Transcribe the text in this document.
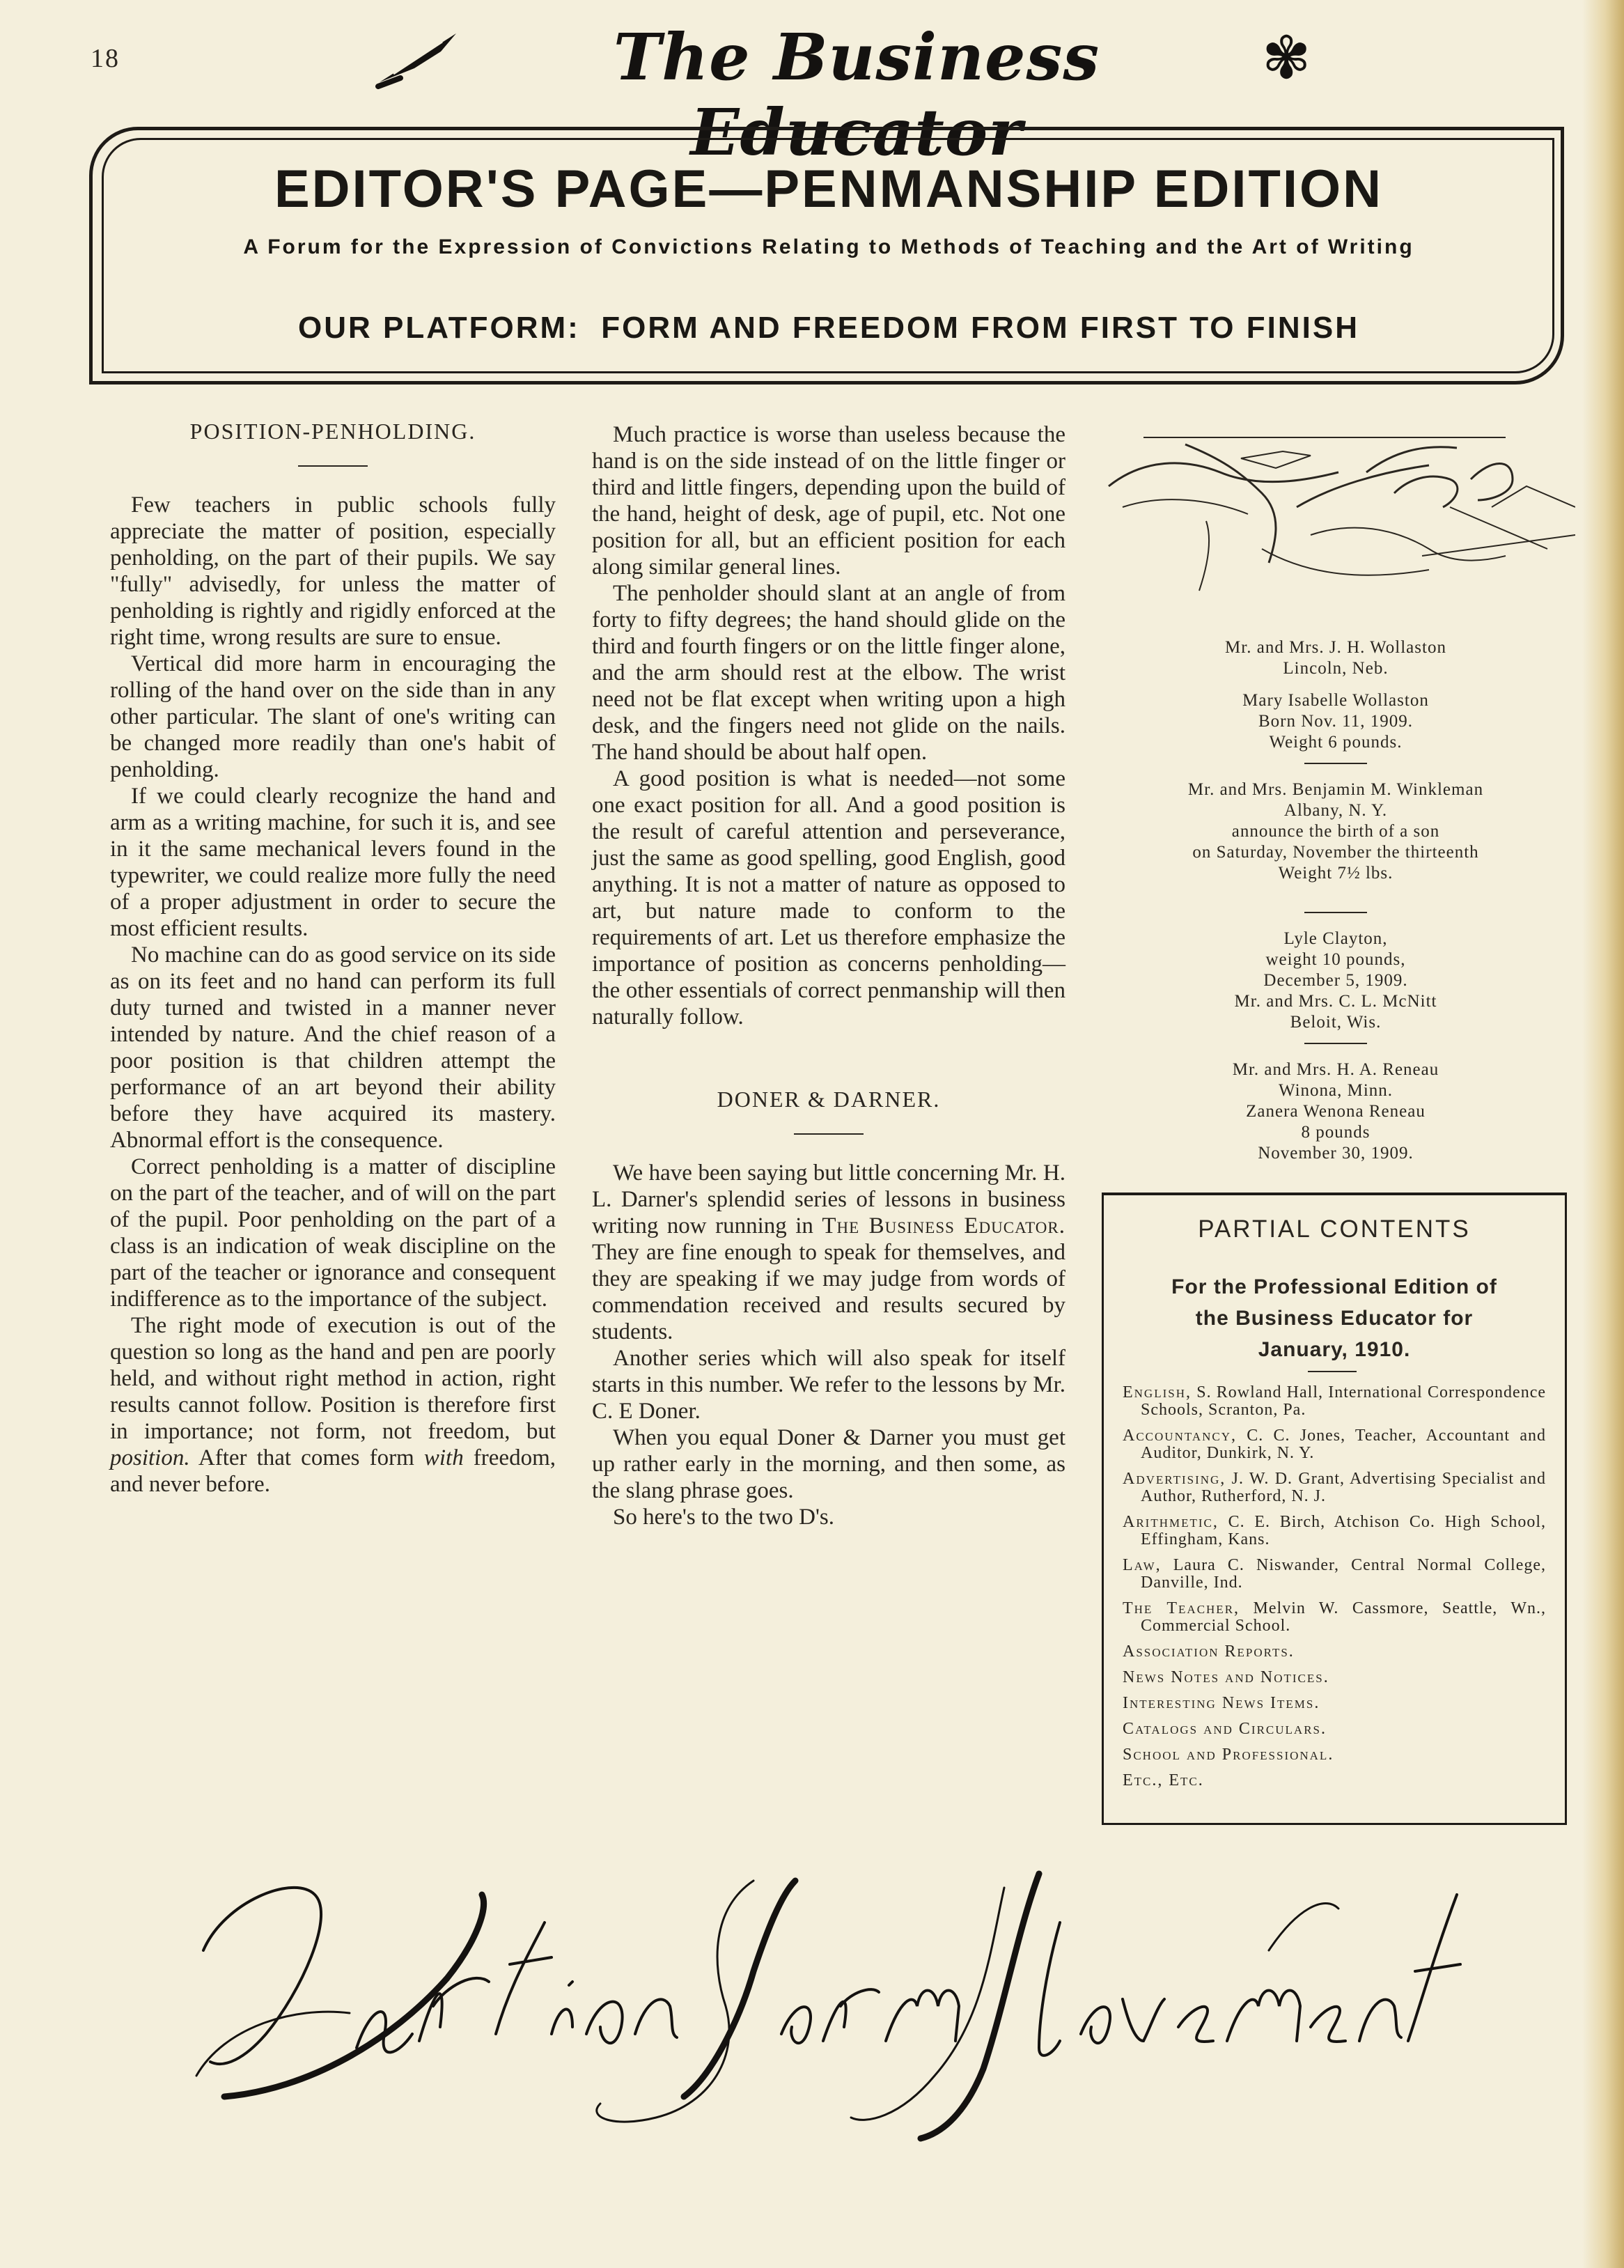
18	The Business Educator
✾
EDITOR'S PAGE—PENMANSHIP EDITION
A Forum for the Expression of Convictions Relating to Methods of Teaching and the Art of Writing
OUR PLATFORM:  FORM AND FREEDOM FROM FIRST TO FINISH

POSITION-PENHOLDING.

Few teachers in public schools fully appreciate the matter of position, especially penholding, on the part of their pupils. We say "fully" advisedly, for unless the matter of penholding is rightly and rigidly enforced at the right time, wrong results are sure to ensue.

Vertical did more harm in encouraging the rolling of the hand over on the side than in any other particular. The slant of one's writing can be changed more readily than one's habit of penholding.

If we could clearly recognize the hand and arm as a writing machine, for such it is, and see in it the same mechanical levers found in the typewriter, we could realize more fully the need of a proper adjustment in order to secure the most efficient results.

No machine can do as good service on its side as on its feet and no hand can perform its full duty turned and twisted in a manner never intended by nature. And the chief reason of a poor position is that children attempt the performance of an art beyond their ability before they have acquired its mastery. Abnormal effort is the consequence.

Correct penholding is a matter of discipline on the part of the teacher, and of will on the part of the pupil. Poor penholding on the part of a class is an indication of weak discipline on the part of the teacher or ignorance and consequent indifference as to the importance of the subject.

The right mode of execution is out of the question so long as the hand and pen are poorly held, and without right method in action, right results cannot follow. Position is therefore first in importance; not form, not freedom, but position. After that comes form with freedom, and never before.

Much practice is worse than useless because the hand is on the side instead of on the little finger or third and little fingers, depending upon the build of the hand, height of desk, age of pupil, etc. Not one position for all, but an efficient position for each along similar general lines.

The penholder should slant at an angle of from forty to fifty degrees; the hand should glide on the third and fourth fingers or on the little finger alone, and the arm should rest at the elbow. The wrist need not be flat except when writing upon a high desk, and the fingers need not glide on the nails. The hand should be about half open.

A good position is what is needed—not some one exact position for all. And a good position is the result of careful attention and perseverance, just the same as good spelling, good English, good anything. It is not a matter of nature as opposed to art, but nature made to conform to the requirements of art. Let us therefore emphasize the importance of position as concerns penholding—the other essentials of correct penmanship will then naturally follow.

DONER & DARNER.

We have been saying but little concerning Mr. H. L. Darner's splendid series of lessons in business writing now running in The Business Educator. They are fine enough to speak for themselves, and they are speaking if we may judge from words of commendation received and results secured by students.

Another series which will also speak for itself starts in this number. We refer to the lessons by Mr. C. E Doner.

When you equal Doner & Darner you must get up rather early in the morning, and then some, as the slang phrase goes.

So here's to the two D's.

Mr. and Mrs. J. H. Wollaston
Lincoln, Neb.
Mary Isabelle Wollaston
Born Nov. 11, 1909.
Weight 6 pounds.
Mr. and Mrs. Benjamin M. Winkleman
Albany, N. Y.
announce the birth of a son
on Saturday, November the thirteenth
Weight 7½ lbs.
Lyle Clayton,
weight 10 pounds,
December 5, 1909.
Mr. and Mrs. C. L. McNitt
Beloit, Wis.
Mr. and Mrs. H. A. Reneau
Winona, Minn.
Zanera Wenona Reneau
8 pounds
November 30, 1909.
PARTIAL CONTENTS
For the Professional Edition of
the Business Educator for
January, 1910.
English, S. Rowland Hall, International Correspondence Schools, Scranton, Pa.
Accountancy, C. C. Jones, Teacher, Accountant and Auditor, Dunkirk, N. Y.
Advertising, J. W. D. Grant, Advertising Specialist and Author, Rutherford, N. J.
Arithmetic, C. E. Birch, Atchison Co. High School, Effingham, Kans.
Law, Laura C. Niswander, Central Normal College, Danville, Ind.
The Teacher, Melvin W. Cassmore, Seattle, Wn., Commercial School.
Association Reports.
News Notes and Notices.
Interesting News Items.
Catalogs and Circulars.
School and Professional.
Etc., Etc.
